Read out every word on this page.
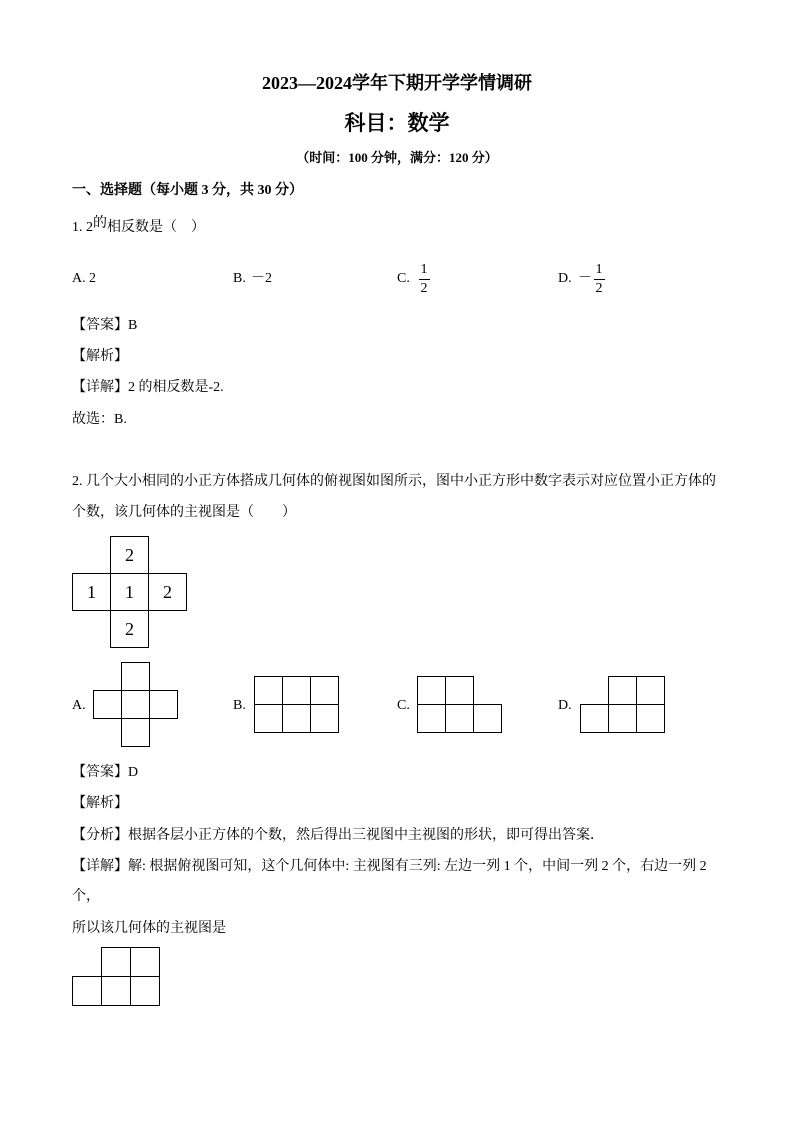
2023—2024学年下期开学学情调研
科目：数学
（时间：100 分钟，满分：120 分）
一、选择题（每小题 3 分，共 30 分）
1. 2的相反数是（　）
A. 2	B. －2	C.
1
2
D. －
1
2
【答案】B
【解析】
【详解】2 的相反数是-2.
故选：B.
2. 几个大小相同的小正方体搭成几何体的俯视图如图所示，图中小正方形中数字表示对应位置小正方体的
个数，该几何体的主视图是（　　）
2
1	1	2
2
A.	B.	C.	D.
【答案】D
【解析】
【分析】根据各层小正方体的个数，然后得出三视图中主视图的形状，即可得出答案．
【详解】解: 根据俯视图可知，这个几何体中: 主视图有三列: 左边一列 1 个，中间一列 2 个，右边一列 2
个，
所以该几何体的主视图是
